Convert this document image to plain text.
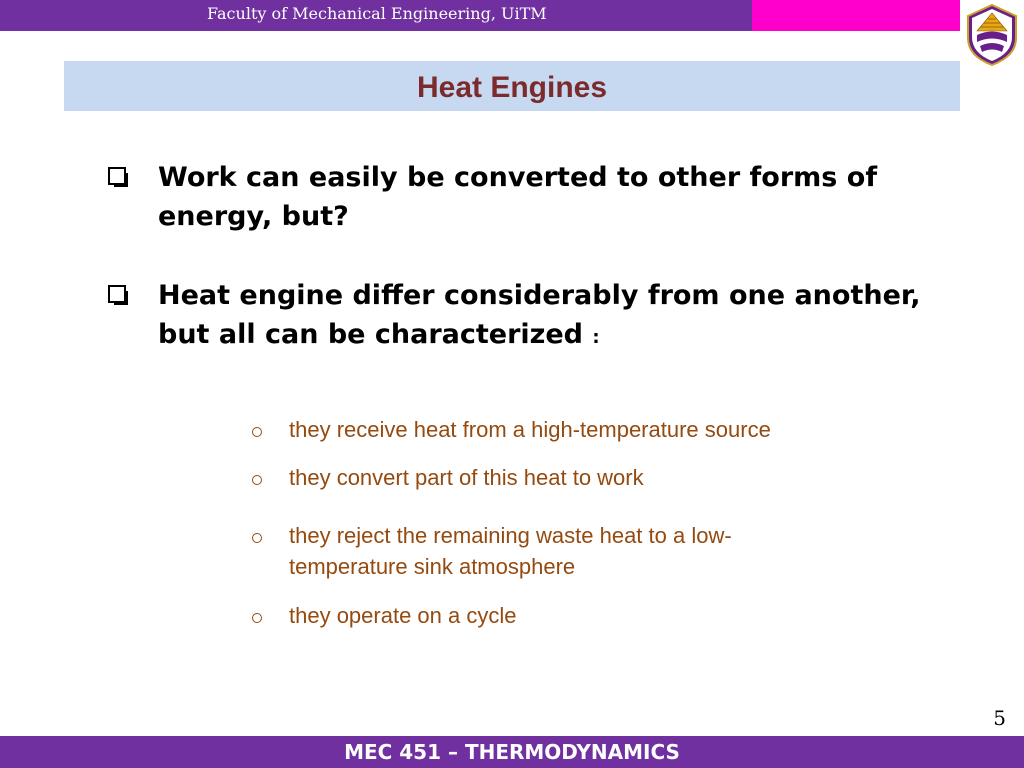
Faculty of Mechanical Engineering, UiTM
Heat Engines
Work can easily be converted to other forms of energy, but?
Heat engine differ considerably from one another, but all can be characterized :
they receive heat from a high-temperature source
they convert part of this heat to work
they reject the remaining waste heat to a low-temperature sink atmosphere
they operate on a cycle
5
MEC 451 – THERMODYNAMICS
